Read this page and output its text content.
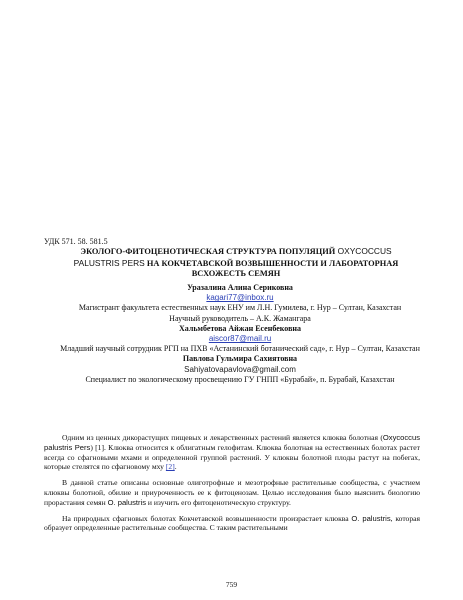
УДК 571. 58. 581.5
ЭКОЛОГО-ФИТОЦЕНОТИЧЕСКАЯ СТРУКТУРА ПОПУЛЯЦИЙ OXYCOCCUS
PALUSTRIS PERS НА КОКЧЕТАВСКОЙ ВОЗВЫШЕННОСТИ И ЛАБОРАТОРНАЯ
ВСХОЖЕСТЬ СЕМЯН
Уразалина Алина Сериковна
kagari77@inbox.ru
Магистрант факультета естественных наук ЕНУ им Л.Н. Гумилева, г. Нур – Султан, Казахстан
Научный руководитель – А.К. Жамангара
Хальмбетова Айжан Есенбековна
aiscor87@mail.ru
Младший научный сотрудник РГП на ПХВ «Астанинский ботанический сад», г. Нур – Султан, Казахстан
Павлова Гульмира Сахиятовна
Sahiyatovapavlova@gmail.com
Специалист по экологическому просвещению ГУ ГНПП «Бурабай», п. Бурабай, Казахстан

Одним из ценных дикорастущих пищевых и лекарственных растений является клюква болотная (Oxycoccus palustris Pers) [1]. Клюква относится к облигатным гелофитам. Клюква болотная на естественных болотах растет всегда со сфагновыми мхами и определенной группой растений. У клюквы болотной плоды растут на побегах, которые стелятся по сфагновому мху [2].

В данной статье описаны основные олиготрофные и мезотрофные растительные сообщества, с участием клюквы болотной, обилие и приуроченность ее к фитоценозам. Целью исследования было выяснить биологию прорастания семян O. palustris и изучить его фитоценотическую структуру.

На природных сфагновых болотах Кокчетавской возвышенности произрастает клюква O. palustris, которая образует определенные растительные сообщества. С таким растительными

759
